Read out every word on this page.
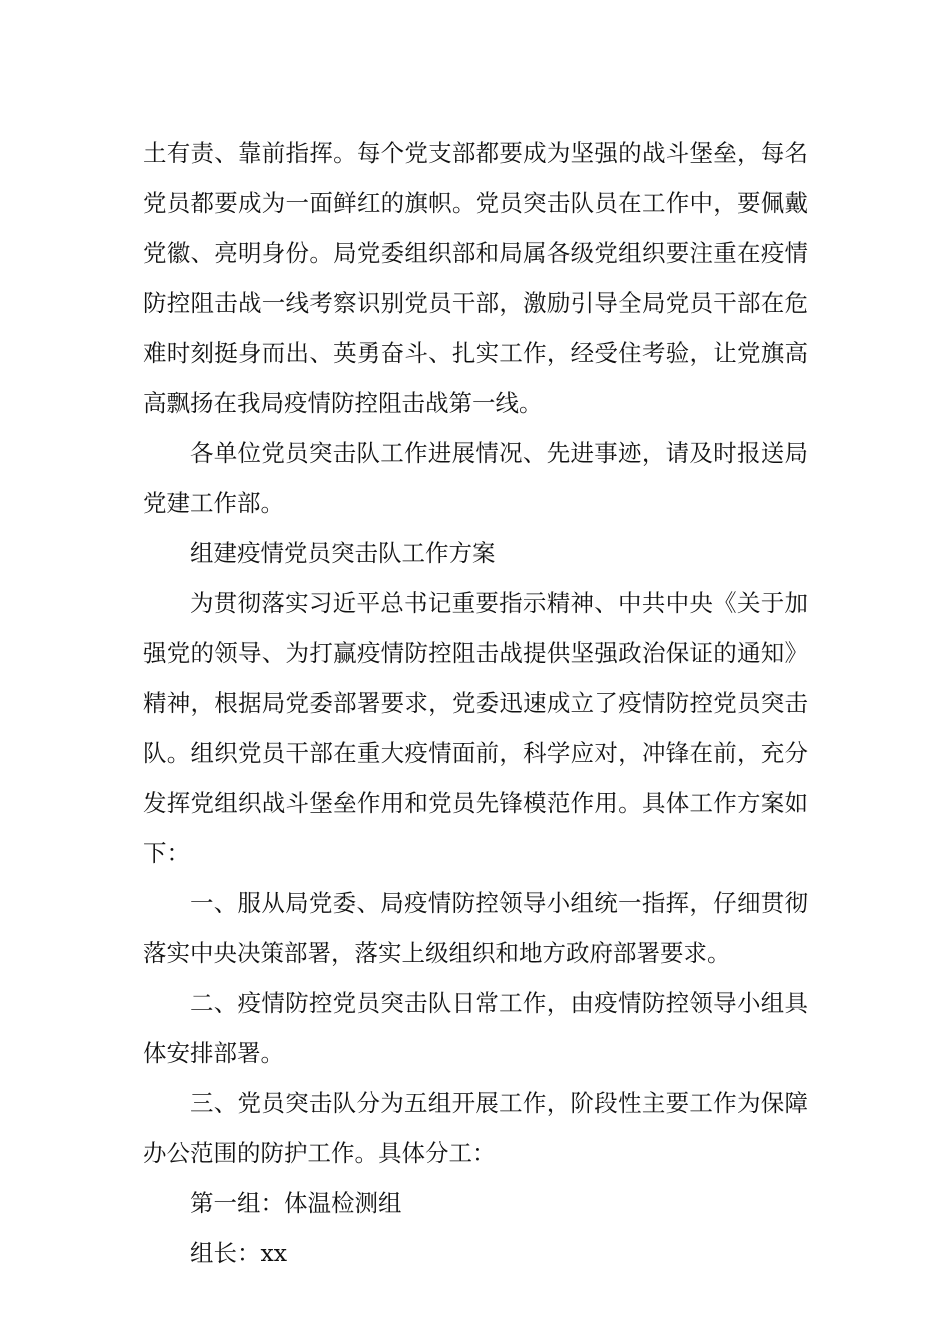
土有责、靠前指挥。每个党支部都要成为坚强的战斗堡垒，每名党员都要成为一面鲜红的旗帜。党员突击队员在工作中，要佩戴党徽、亮明身份。局党委组织部和局属各级党组织要注重在疫情防控阻击战一线考察识别党员干部，激励引导全局党员干部在危难时刻挺身而出、英勇奋斗、扎实工作，经受住考验，让党旗高高飘扬在我局疫情防控阻击战第一线。

各单位党员突击队工作进展情况、先进事迹，请及时报送局党建工作部。

组建疫情党员突击队工作方案

为贯彻落实习近平总书记重要指示精神、中共中央《关于加强党的领导、为打赢疫情防控阻击战提供坚强政治保证的通知》精神，根据局党委部署要求，党委迅速成立了疫情防控党员突击队。组织党员干部在重大疫情面前，科学应对，冲锋在前，充分发挥党组织战斗堡垒作用和党员先锋模范作用。具体工作方案如下：

一、服从局党委、局疫情防控领导小组统一指挥，仔细贯彻落实中央决策部署，落实上级组织和地方政府部署要求。

二、疫情防控党员突击队日常工作，由疫情防控领导小组具体安排部署。

三、党员突击队分为五组开展工作，阶段性主要工作为保障办公范围的防护工作。具体分工：

第一组：体温检测组

组长：xx
